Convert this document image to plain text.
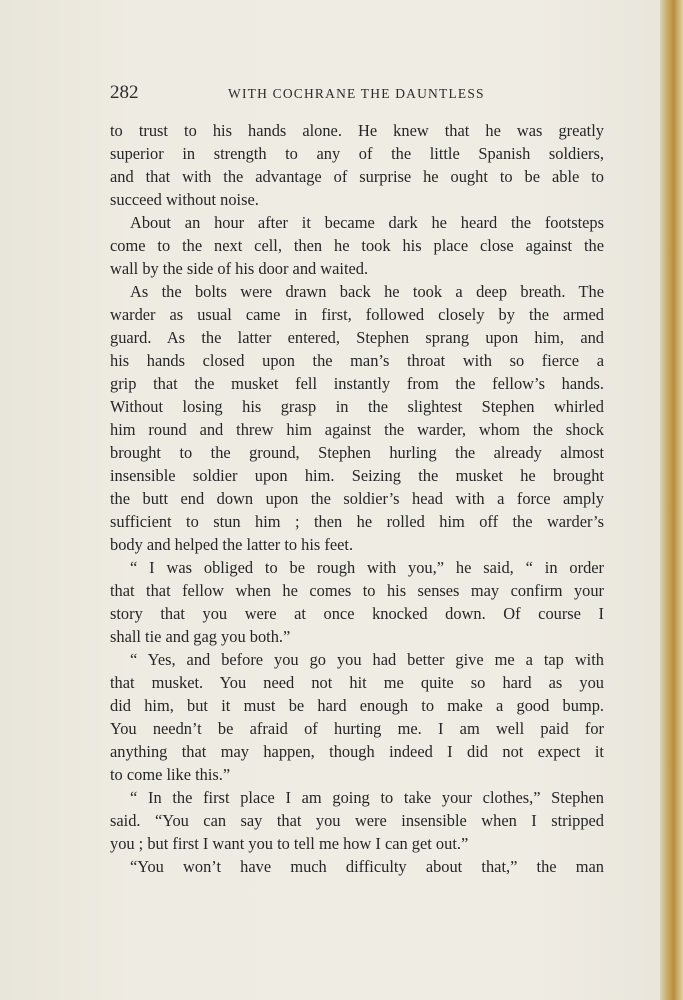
282	WITH COCHRANE THE DAUNTLESS
to trust to his hands alone. He knew that he was greatly
superior in strength to any of the little Spanish soldiers,
and that with the advantage of surprise he ought to be able to
succeed without noise.
About an hour after it became dark he heard the footsteps
come to the next cell, then he took his place close against the
wall by the side of his door and waited.
As the bolts were drawn back he took a deep breath. The
warder as usual came in first, followed closely by the armed
guard. As the latter entered, Stephen sprang upon him, and
his hands closed upon the man’s throat with so fierce a
grip that the musket fell instantly from the fellow’s hands.
Without losing his grasp in the slightest Stephen whirled
him round and threw him against the warder, whom the shock
brought to the ground, Stephen hurling the already almost
insensible soldier upon him. Seizing the musket he brought
the butt end down upon the soldier’s head with a force amply
sufficient to stun him ; then he rolled him off the warder’s
body and helped the latter to his feet.
“ I was obliged to be rough with you,” he said, “ in order
that that fellow when he comes to his senses may confirm your
story that you were at once knocked down. Of course I
shall tie and gag you both.”
“ Yes, and before you go you had better give me a tap with
that musket. You need not hit me quite so hard as you
did him, but it must be hard enough to make a good bump.
You needn’t be afraid of hurting me. I am well paid for
anything that may happen, though indeed I did not expect it
to come like this.”
“ In the first place I am going to take your clothes,” Stephen
said. “You can say that you were insensible when I stripped
you ; but first I want you to tell me how I can get out.”
“You won’t have much difficulty about that,” the man
